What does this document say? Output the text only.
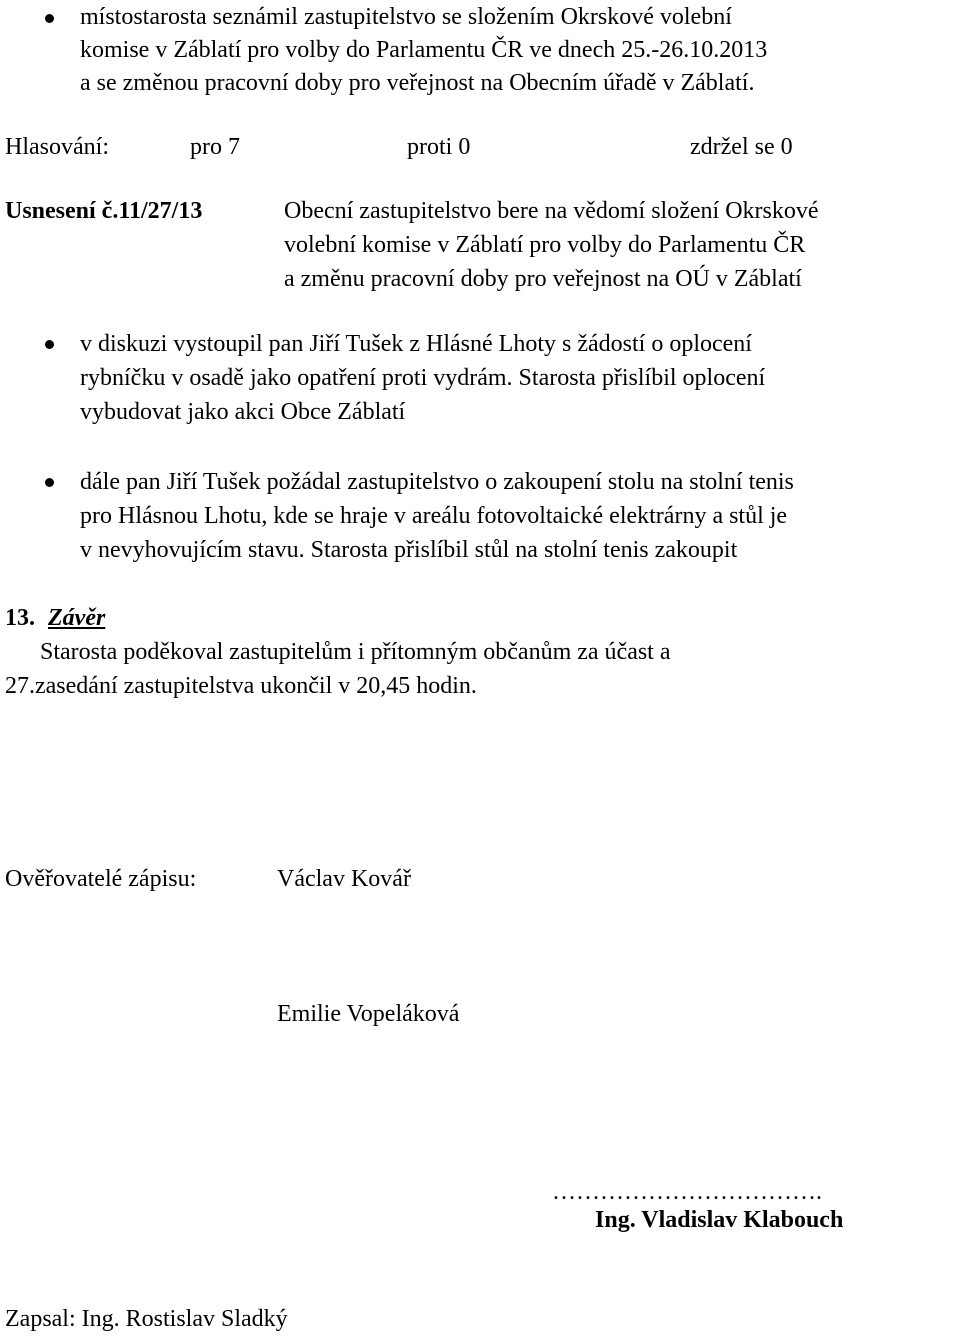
místostarosta seznámil zastupitelstvo se složením Okrskové volební
komise v Záblatí pro volby do Parlamentu ČR ve dnech 25.-26.10.2013
a se změnou pracovní doby pro veřejnost na Obecním úřadě v Záblatí.
Hlasování:	pro 7	proti 0	zdržel se 0
Usnesení č.11/27/13	Obecní zastupitelstvo bere na vědomí složení Okrskové
volební komise v Záblatí pro volby do Parlamentu ČR
a změnu pracovní doby pro veřejnost na OÚ v Záblatí
v diskuzi vystoupil pan Jiří Tušek z Hlásné Lhoty s žádostí o oplocení
rybníčku v osadě jako opatření proti vydrám. Starosta přislíbil oplocení
vybudovat jako akci Obce Záblatí
dále pan Jiří Tušek požádal zastupitelstvo o zakoupení stolu na stolní tenis
pro Hlásnou Lhotu, kde se hraje v areálu fotovoltaické elektrárny a stůl je
v nevyhovujícím stavu. Starosta přislíbil stůl na stolní tenis zakoupit
13. Závěr
Starosta poděkoval zastupitelům i přítomným občanům za účast a
27.zasedání zastupitelstva ukončil v 20,45 hodin.
Ověřovatelé zápisu:	Václav Kovář
Emilie Vopeláková
…………………………….
Ing. Vladislav Klabouch
Zapsal: Ing. Rostislav Sladký
